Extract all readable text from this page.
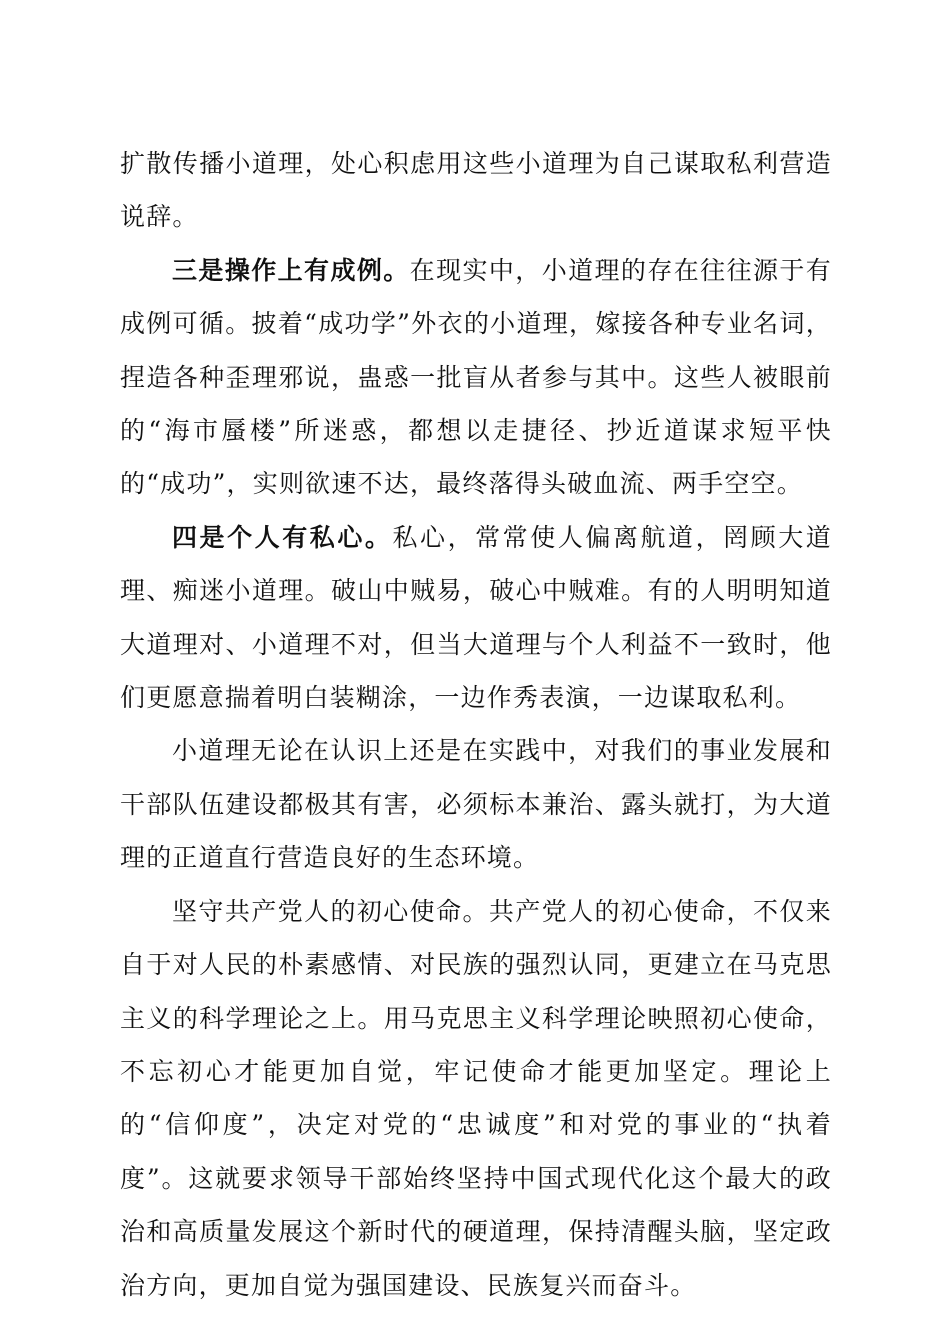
扩散传播小道理，处心积虑用这些小道理为自己谋取私利营造说辞。

三是操作上有成例。在现实中，小道理的存在往往源于有成例可循。披着“成功学”外衣的小道理，嫁接各种专业名词，捏造各种歪理邪说，蛊惑一批盲从者参与其中。这些人被眼前的“海市蜃楼”所迷惑，都想以走捷径、抄近道谋求短平快的“成功”，实则欲速不达，最终落得头破血流、两手空空。

四是个人有私心。私心，常常使人偏离航道，罔顾大道理、痴迷小道理。破山中贼易，破心中贼难。有的人明明知道大道理对、小道理不对，但当大道理与个人利益不一致时，他们更愿意揣着明白装糊涂，一边作秀表演，一边谋取私利。

小道理无论在认识上还是在实践中，对我们的事业发展和干部队伍建设都极其有害，必须标本兼治、露头就打，为大道理的正道直行营造良好的生态环境。

坚守共产党人的初心使命。共产党人的初心使命，不仅来自于对人民的朴素感情、对民族的强烈认同，更建立在马克思主义的科学理论之上。用马克思主义科学理论映照初心使命，不忘初心才能更加自觉，牢记使命才能更加坚定。理论上的“信仰度”，决定对党的“忠诚度”和对党的事业的“执着度”。这就要求领导干部始终坚持中国式现代化这个最大的政治和高质量发展这个新时代的硬道理，保持清醒头脑，坚定政治方向，更加自觉为强国建设、民族复兴而奋斗。
